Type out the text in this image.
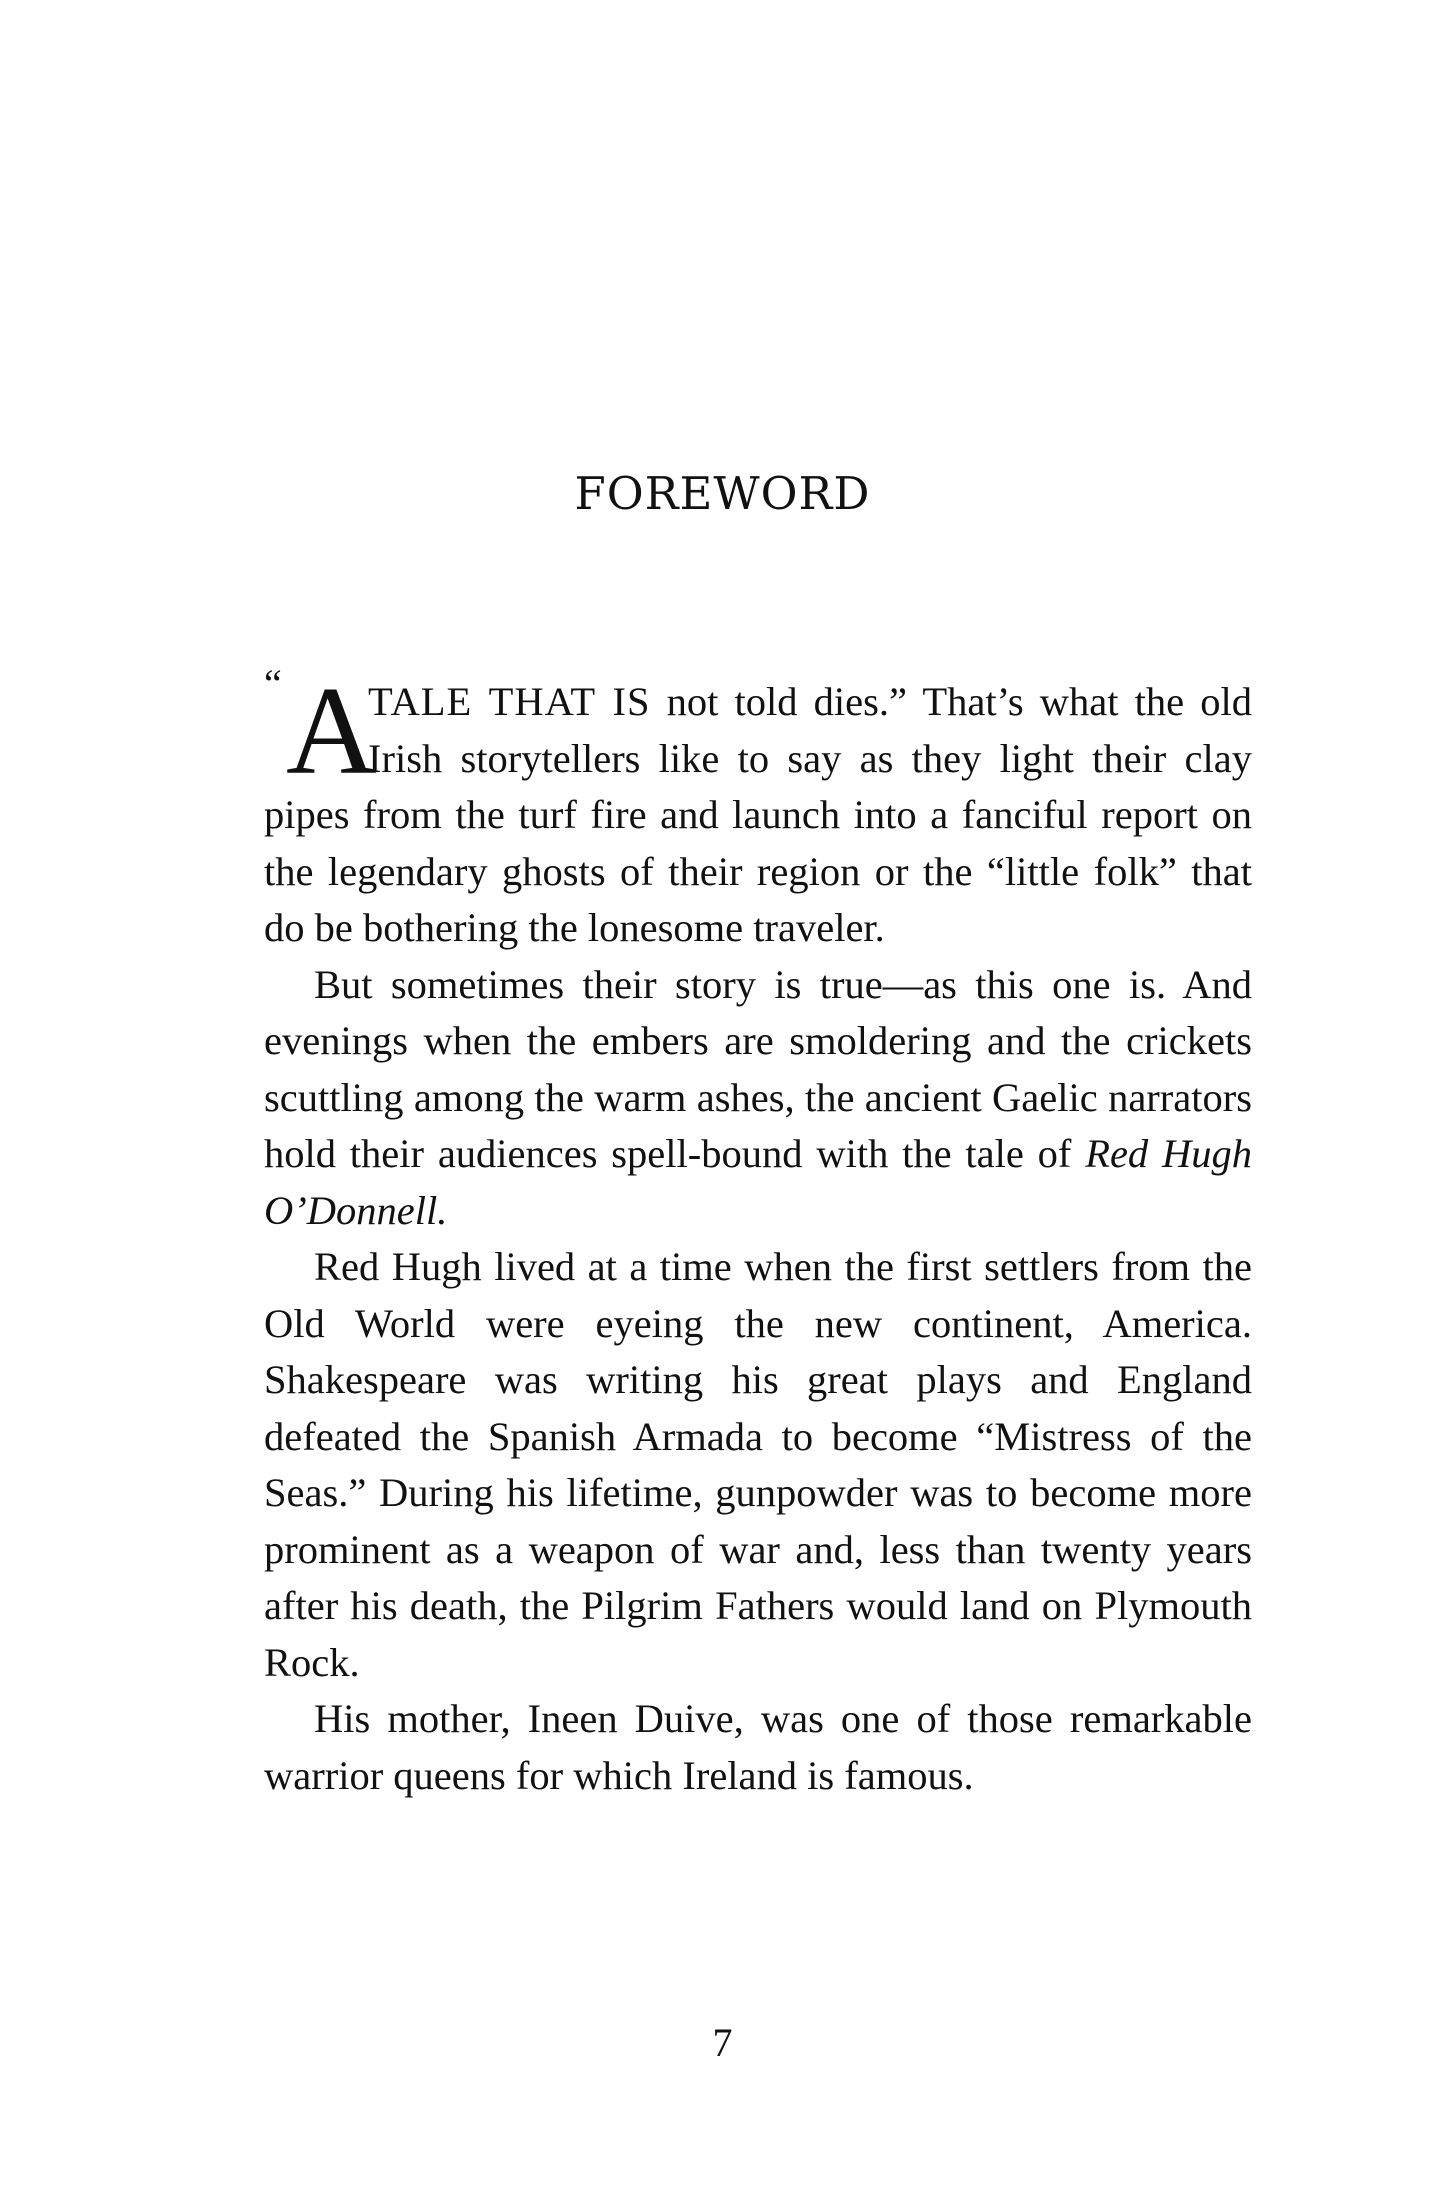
foreword

“ A
TALE THAT IS not told dies.” That’s what the old Irish storytellers like to say as they light their clay pipes from the turf fire and launch into a fanciful report on the legendary ghosts of their region or the “little folk” that do be bothering the lonesome traveler.

But sometimes their story is true—as this one is. And evenings when the embers are smoldering and the crickets scuttling among the warm ashes, the ancient Gaelic narrators hold their audiences spell-bound with the tale of Red Hugh O’Donnell.

Red Hugh lived at a time when the first settlers from the Old World were eyeing the new continent, America. Shakespeare was writing his great plays and England defeated the Spanish Armada to become “Mistress of the Seas.” During his lifetime, gunpowder was to become more prominent as a weapon of war and, less than twenty years after his death, the Pilgrim Fathers would land on Plymouth Rock.

His mother, Ineen Duive, was one of those remarkable warrior queens for which Ireland is famous.

7
